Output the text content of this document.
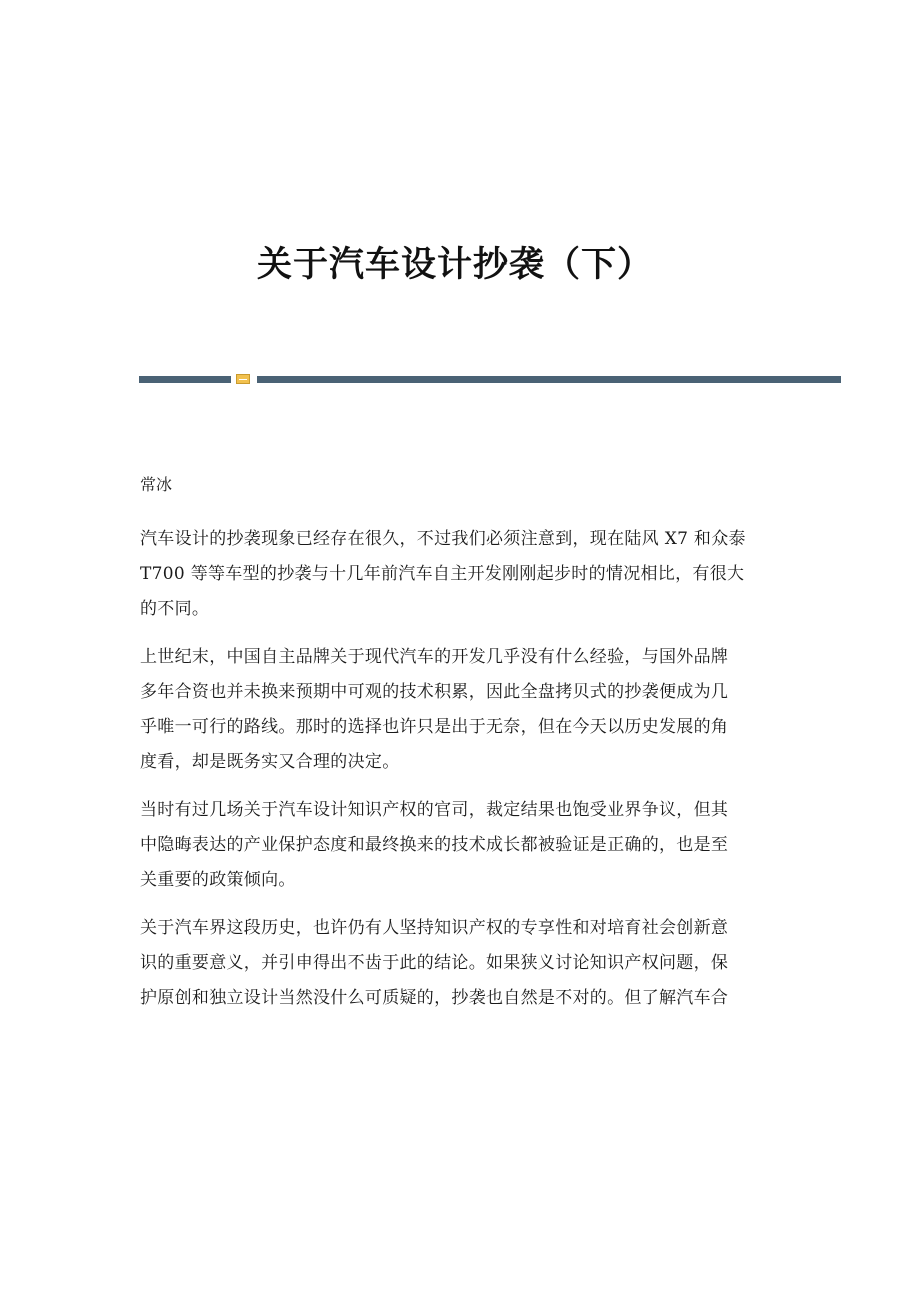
关于汽车设计抄袭（下）
常冰

汽车设计的抄袭现象已经存在很久，不过我们必须注意到，现在陆风 X7 和众泰
T700 等等车型的抄袭与十几年前汽车自主开发刚刚起步时的情况相比，有很大
的不同。

上世纪末，中国自主品牌关于现代汽车的开发几乎没有什么经验，与国外品牌
多年合资也并未换来预期中可观的技术积累，因此全盘拷贝式的抄袭便成为几
乎唯一可行的路线。那时的选择也许只是出于无奈，但在今天以历史发展的角
度看，却是既务实又合理的决定。

当时有过几场关于汽车设计知识产权的官司，裁定结果也饱受业界争议，但其
中隐晦表达的产业保护态度和最终换来的技术成长都被验证是正确的，也是至
关重要的政策倾向。

关于汽车界这段历史，也许仍有人坚持知识产权的专享性和对培育社会创新意
识的重要意义，并引申得出不齿于此的结论。如果狭义讨论知识产权问题，保
护原创和独立设计当然没什么可质疑的，抄袭也自然是不对的。但了解汽车合
